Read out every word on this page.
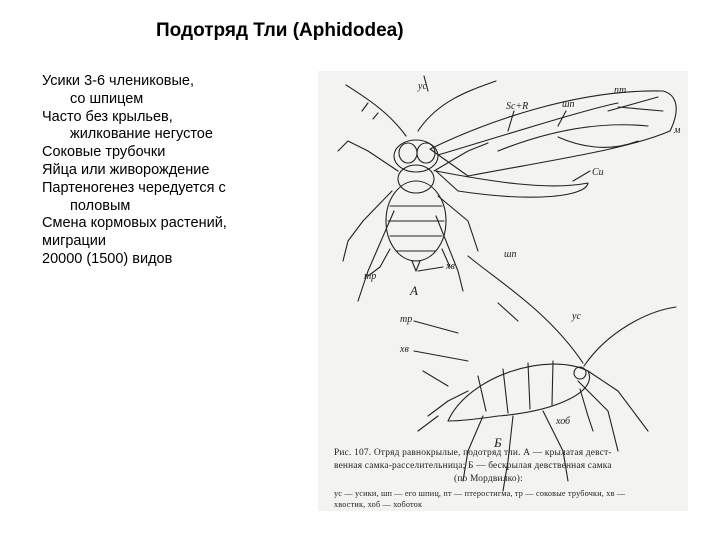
Подотряд Тли (Aphidodea)
Усики 3-6 члениковые,
со шпицем
Часто без крыльев,
жилкование негустое
Соковые трубочки
Яйца или живорождение
Партеногенез чередуется с
половым
Смена кормовых растений,
миграции
20000 (1500) видов
ус
Sc+R	шп
пт
м
Cu
тр
хв
А
шп
тр	ус
хв
хоб
Б
Рис. 107. Отряд равнокрылые, подотряд тли. А — крылатая девст-
венная самка-расселительница; Б — бескрылая девственная самка
(по Мордвилко):
ус — усики, шп — его шпиц, пт — птеростигма, тр — соковые трубочки, хв —
хвостик, хоб — хоботок
